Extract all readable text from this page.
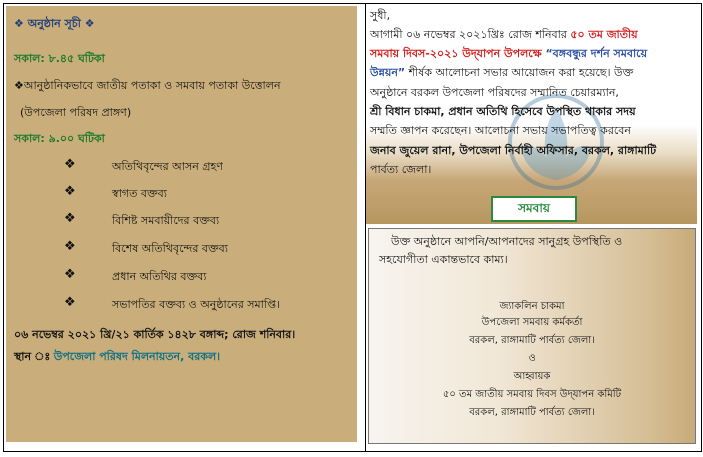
❖ অনুষ্ঠান সূচী ❖
সকাল: ৮.৪৫ ঘটিকা
❖আনুষ্ঠানিকভাবে জাতীয় পতাকা ও সমবায় পতাকা উত্তোলন
(উপজেলা পরিষদ প্রাঙ্গণ)
সকাল: ৯.০০ ঘটিকা
❖	অতিথিবৃন্দের আসন গ্রহণ
❖	স্বাগত বক্তব্য
❖	বিশিষ্ট সমবায়ীদের বক্তব্য
❖	বিশেষ অতিথিবৃন্দের বক্তব্য
❖	প্রধান অতিথির বক্তব্য
❖	সভাপতির বক্তব্য ও অনুষ্ঠানের সমাপ্তি।
০৬ নভেম্বর ২০২১ খ্রি/২১ কার্তিক ১৪২৮ বঙ্গাব্দ; রোজ শনিবার।
স্থান ঃ উপজেলা পরিষদ মিলনায়তন, বরকল।
সুধী,
আগামী ০৬ নভেম্বর ২০২১খ্রিঃ রোজ শনিবার ৫০ তম জাতীয়
সমবায় দিবস-২০২১ উদ্‌যাপন উপলক্ষে “বঙ্গবন্ধুর দর্শন সমবায়ে
উন্নয়ন” শীর্ষক আলোচনা সভার আয়োজন করা হয়েছে। উক্ত
অনুষ্ঠানে বরকল উপজেলা পরিষদের সম্মানিত চেয়ারম্যান,
শ্রী বিধান চাকমা, প্রধান অতিথি হিসেবে উপস্থিত থাকার সদয়
সম্মতি জ্ঞাপন করেছেন। আলোচনা সভায় সভাপতিত্ব করবেন
জনাব জুয়েল রানা, উপজেলা নির্বাহী অফিসার, বরকল, রাঙ্গামাটি
পার্বত্য জেলা।
সমবায়
উক্ত অনুষ্ঠানে আপনি/আপনাদের সানুগ্রহ উপস্থিতি ও
সহযোগীতা একান্তভাবে কাম্য।
জ্যাকলিন চাকমা
উপজেলা সমবায় কর্মকর্তা
বরকল, রাঙ্গামাটি পার্বত্য জেলা।
ও
আহ্বায়ক
৫০ তম জাতীয় সমবায় দিবস উদ্‌যাপন কমিটি
বরকল, রাঙ্গামাটি পার্বত্য জেলা।
